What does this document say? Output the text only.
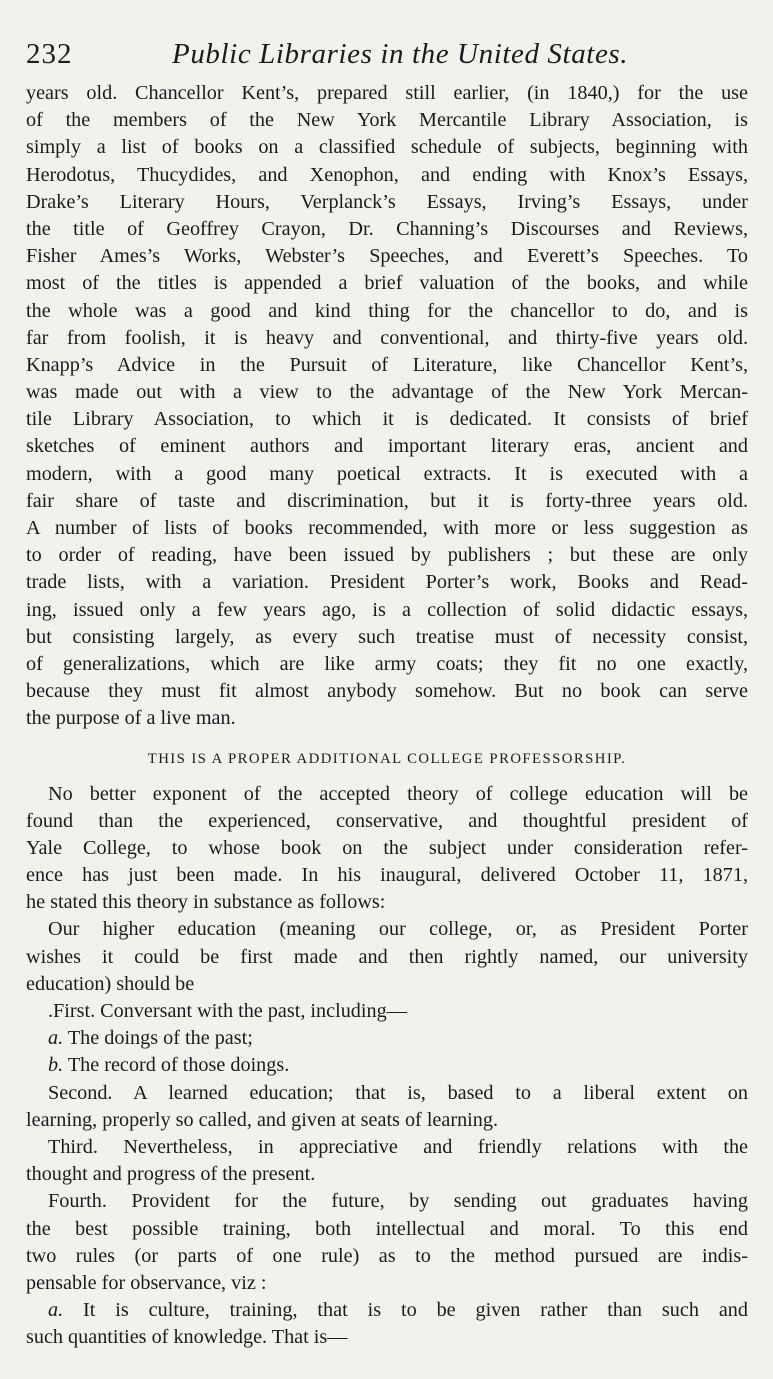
232	Public Libraries in the United States.
years old. Chancellor Kent’s, prepared still earlier, (in 1840,) for the use
of the members of the New York Mercantile Library Association, is
simply a list of books on a classified schedule of subjects, beginning with
Herodotus, Thucydides, and Xenophon, and ending with Knox’s Essays,
Drake’s Literary Hours, Verplanck’s Essays, Irving’s Essays, under
the title of Geoffrey Crayon, Dr. Channing’s Discourses and Reviews,
Fisher Ames’s Works, Webster’s Speeches, and Everett’s Speeches. To
most of the titles is appended a brief valuation of the books, and while
the whole was a good and kind thing for the chancellor to do, and is
far from foolish, it is heavy and conventional, and thirty-five years old.
Knapp’s Advice in the Pursuit of Literature, like Chancellor Kent’s,
was made out with a view to the advantage of the New York Mercan-
tile Library Association, to which it is dedicated. It consists of brief
sketches of eminent authors and important literary eras, ancient and
modern, with a good many poetical extracts. It is executed with a
fair share of taste and discrimination, but it is forty-three years old.
A number of lists of books recommended, with more or less suggestion as
to order of reading, have been issued by publishers ; but these are only
trade lists, with a variation. President Porter’s work, Books and Read-
ing, issued only a few years ago, is a collection of solid didactic essays,
but consisting largely, as every such treatise must of necessity consist,
of generalizations, which are like army coats; they fit no one exactly,
because they must fit almost anybody somehow. But no book can serve
the purpose of a live man.
THIS IS A PROPER ADDITIONAL COLLEGE PROFESSORSHIP.
No better exponent of the accepted theory of college education will be
found than the experienced, conservative, and thoughtful president of
Yale College, to whose book on the subject under consideration refer-
ence has just been made. In his inaugural, delivered October 11, 1871,
he stated this theory in substance as follows:
Our higher education (meaning our college, or, as President Porter
wishes it could be first made and then rightly named, our university
education) should be
.First. Conversant with the past, including—
a. The doings of the past;
b. The record of those doings.
Second. A learned education; that is, based to a liberal extent on
learning, properly so called, and given at seats of learning.
Third. Nevertheless, in appreciative and friendly relations with the
thought and progress of the present.
Fourth. Provident for the future, by sending out graduates having
the best possible training, both intellectual and moral. To this end
two rules (or parts of one rule) as to the method pursued are indis-
pensable for observance, viz :
a. It is culture, training, that is to be given rather than such and
such quantities of knowledge. That is—
